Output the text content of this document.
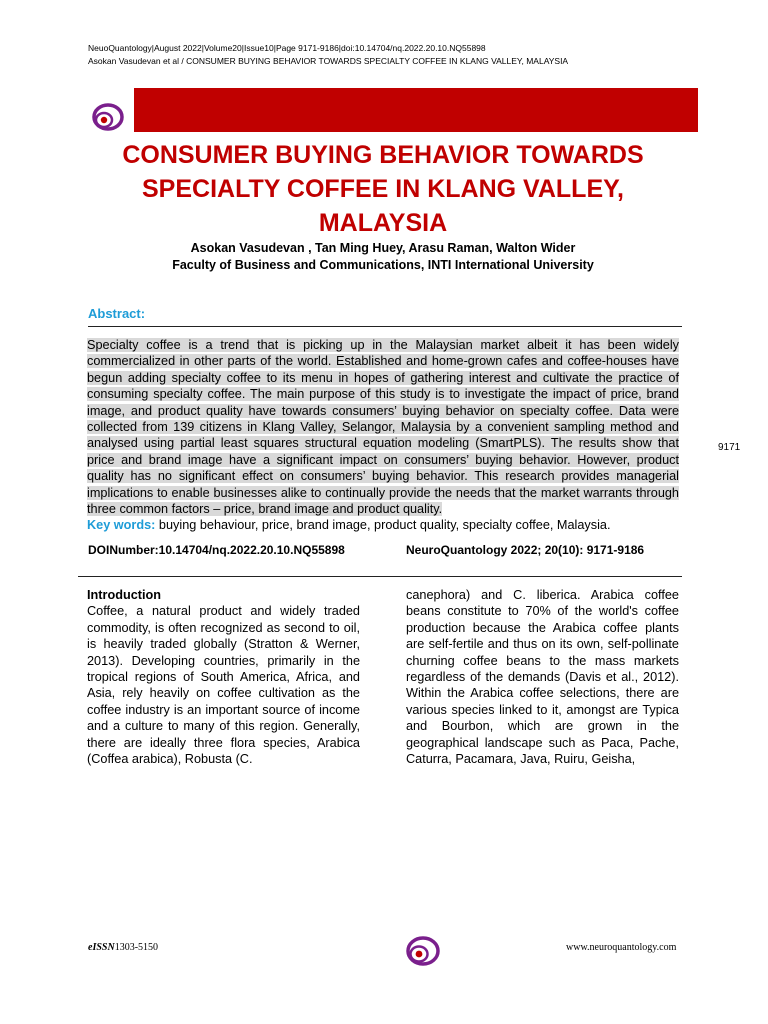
NeuoQuantology|August 2022|Volume20|Issue10|Page 9171-9186|doi:10.14704/nq.2022.20.10.NQ55898
Asokan Vasudevan et al / CONSUMER BUYING BEHAVIOR TOWARDS SPECIALTY COFFEE IN KLANG VALLEY, MALAYSIA
CONSUMER BUYING BEHAVIOR TOWARDS SPECIALTY COFFEE IN KLANG VALLEY, MALAYSIA
Asokan Vasudevan , Tan Ming Huey, Arasu Raman, Walton Wider
Faculty of Business and Communications, INTI International University
Abstract:

Specialty coffee is a trend that is picking up in the Malaysian market albeit it has been widely commercialized in other parts of the world. Established and home-grown cafes and coffee-houses have begun adding specialty coffee to its menu in hopes of gathering interest and cultivate the practice of consuming specialty coffee. The main purpose of this study is to investigate the impact of price, brand image, and product quality have towards consumers’ buying behavior on specialty coffee. Data were collected from 139 citizens in Klang Valley, Selangor, Malaysia by a convenient sampling method and analysed using partial least squares structural equation modeling (SmartPLS). The results show that price and brand image have a significant impact on consumers’ buying behavior. However, product quality has no significant effect on consumers’ buying behavior. This research provides managerial implications to enable businesses alike to continually provide the needs that the market warrants through three common factors – price, brand image and product quality.

Key words: buying behaviour, price, brand image, product quality, specialty coffee, Malaysia.
9171
DOINumber:10.14704/nq.2022.20.10.NQ55898	NeuroQuantology 2022; 20(10): 9171-9186
Introduction
Coffee, a natural product and widely traded commodity, is often recognized as second to oil, is heavily traded globally (Stratton & Werner, 2013). Developing countries, primarily in the tropical regions of South America, Africa, and Asia, rely heavily on coffee cultivation as the coffee industry is an important source of income and a culture to many of this region. Generally, there are ideally three flora species, Arabica (Coffea arabica), Robusta (C.
canephora) and C. liberica. Arabica coffee beans constitute to 70% of the world's coffee production because the Arabica coffee plants are self-fertile and thus on its own, self-pollinate churning coffee beans to the mass markets regardless of the demands (Davis et al., 2012). Within the Arabica coffee selections, there are various species linked to it, amongst are Typica and Bourbon, which are grown in the geographical landscape such as Paca, Pache, Caturra, Pacamara, Java, Ruiru, Geisha,
eISSN1303-5150	www.neuroquantology.com
